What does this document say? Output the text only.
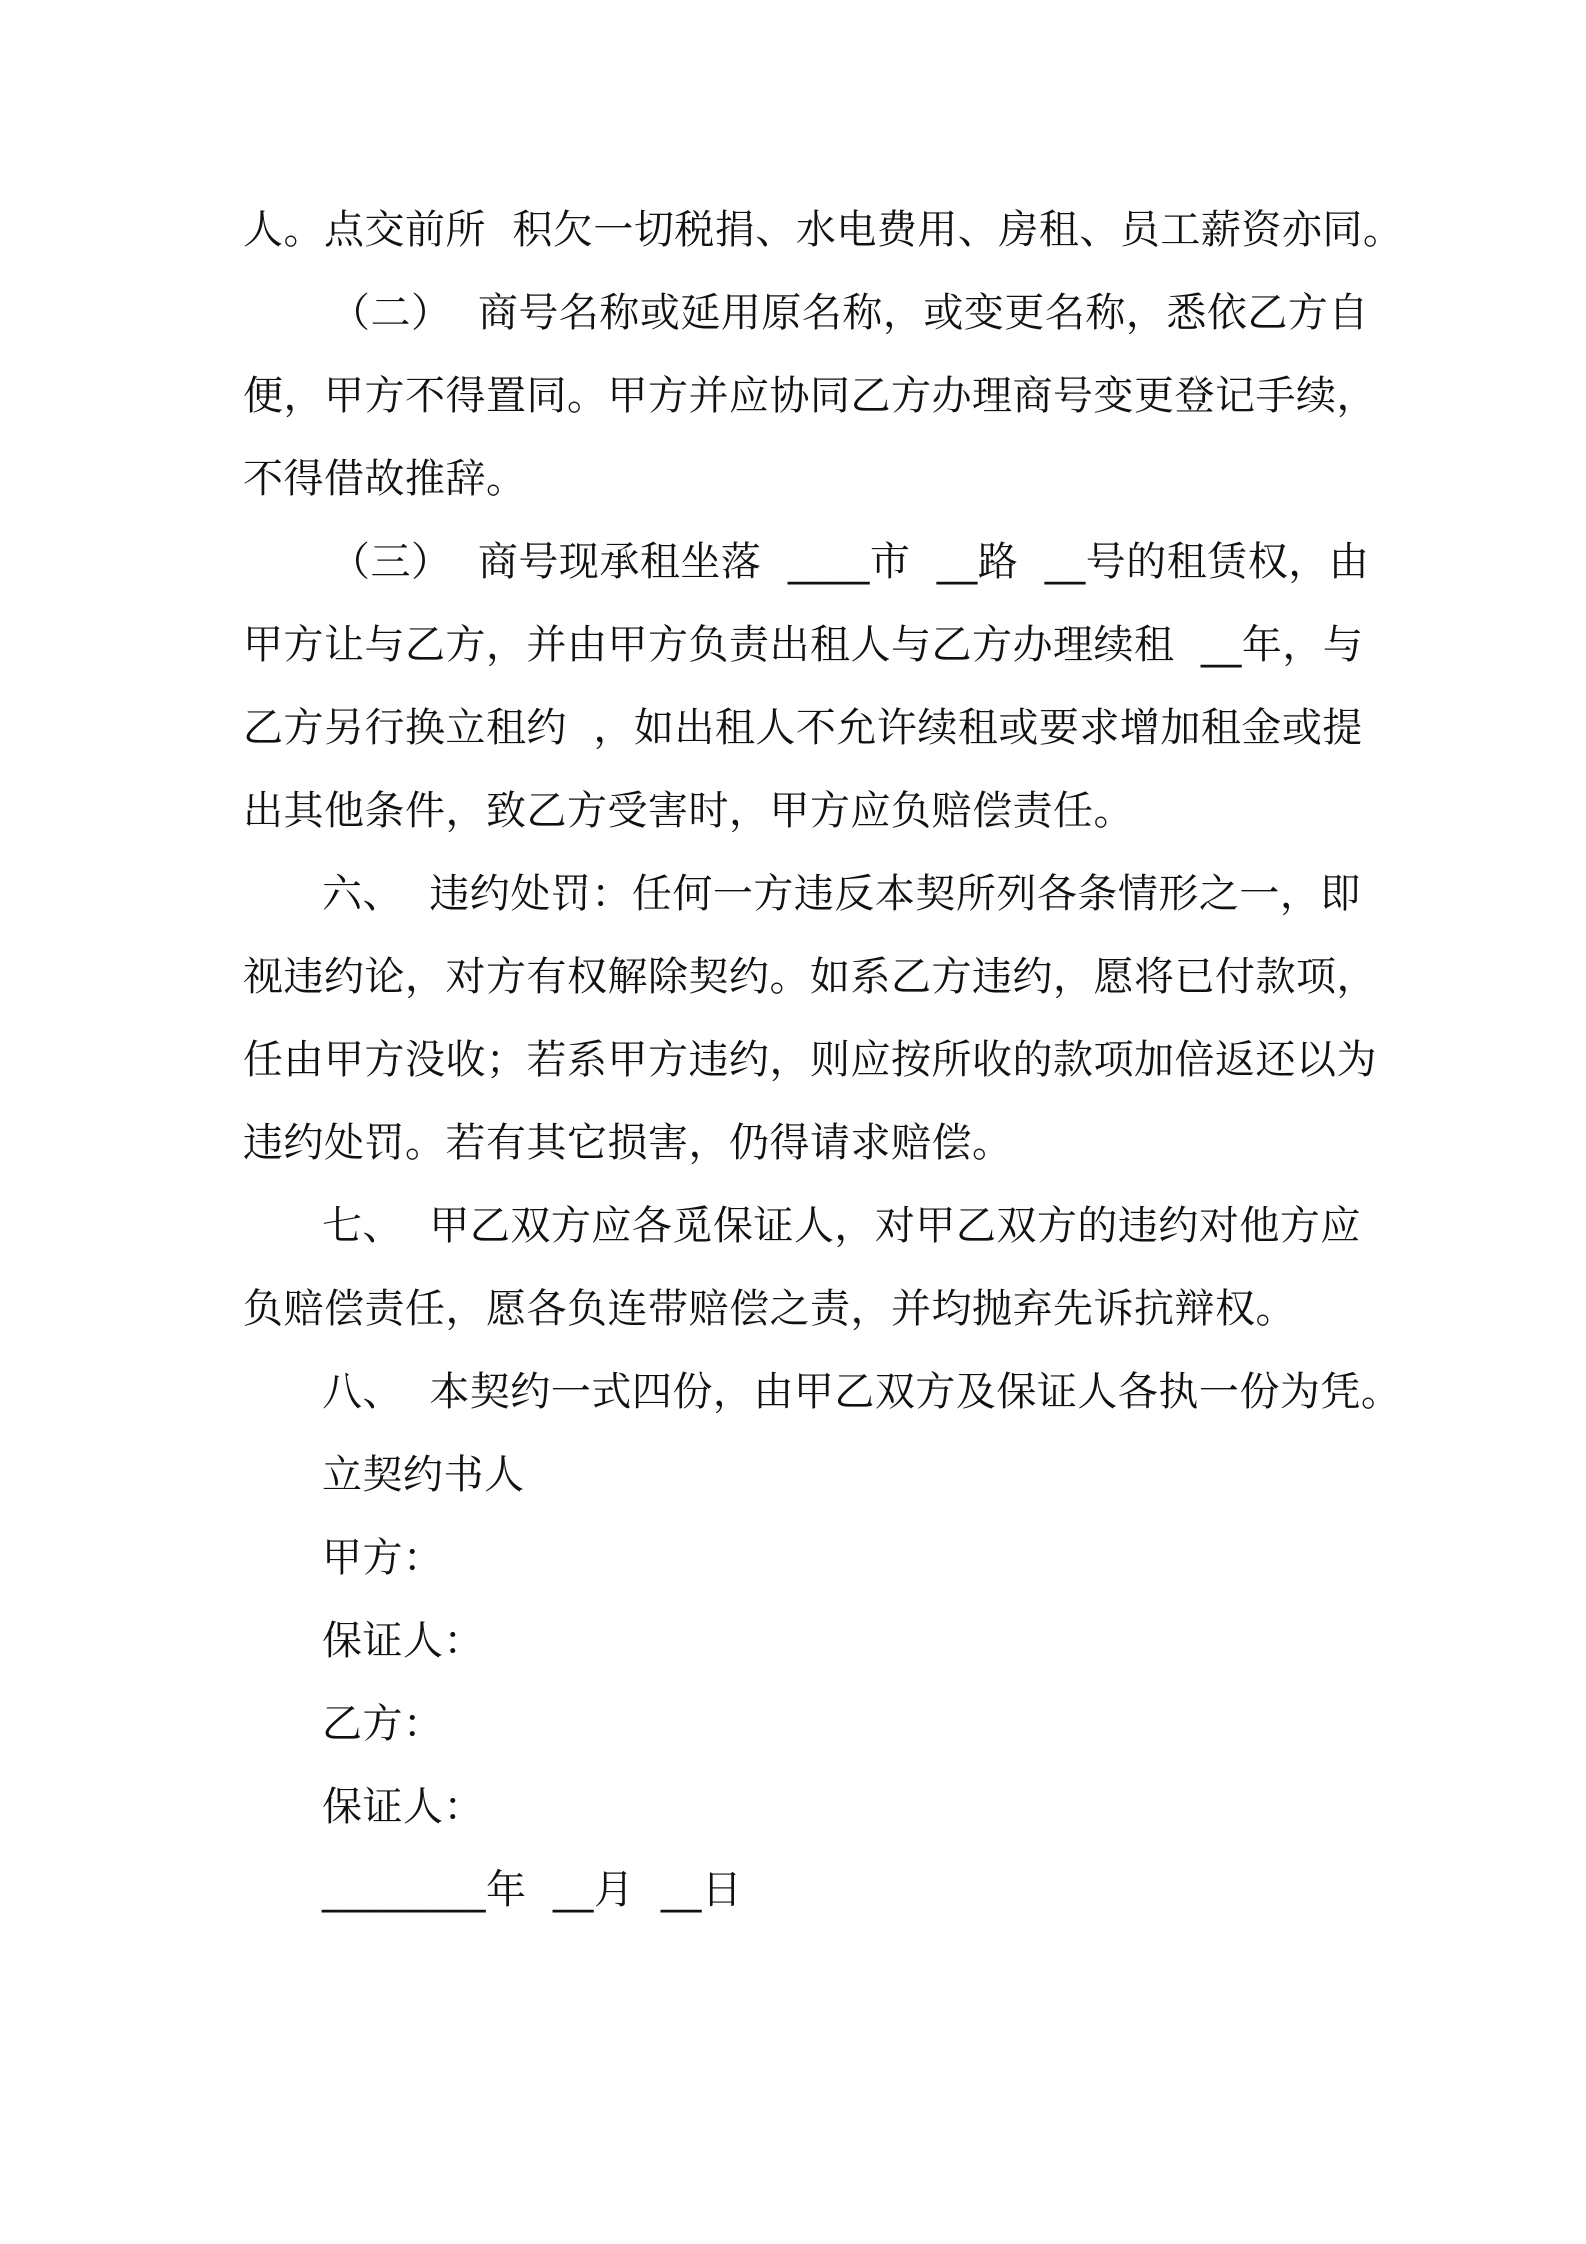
人。点交前所  积欠一切税捐、水电费用、房租、员工薪资亦同。
（二）  商号名称或延用原名称，或变更名称，悉依乙方自
便，甲方不得置同。甲方并应协同乙方办理商号变更登记手续，
不得借故推辞。
（三）  商号现承租坐落  ____市  __路  __号的租赁权，由
甲方让与乙方，并由甲方负责出租人与乙方办理续租  __年，与
乙方另行换立租约  ，如出租人不允许续租或要求增加租金或提
出其他条件，致乙方受害时，甲方应负赔偿责任。
六、  违约处罚：任何一方违反本契所列各条情形之一，即
视违约论，对方有权解除契约。如系乙方违约，愿将已付款项，
任由甲方没收；若系甲方违约，则应按所收的款项加倍返还以为
违约处罚。若有其它损害，仍得请求赔偿。
七、  甲乙双方应各觅保证人，对甲乙双方的违约对他方应
负赔偿责任，愿各负连带赔偿之责，并均抛弃先诉抗辩权。
八、  本契约一式四份，由甲乙双方及保证人各执一份为凭。
立契约书人
甲方：
保证人：
乙方：
保证人：
________年  __月  __日
